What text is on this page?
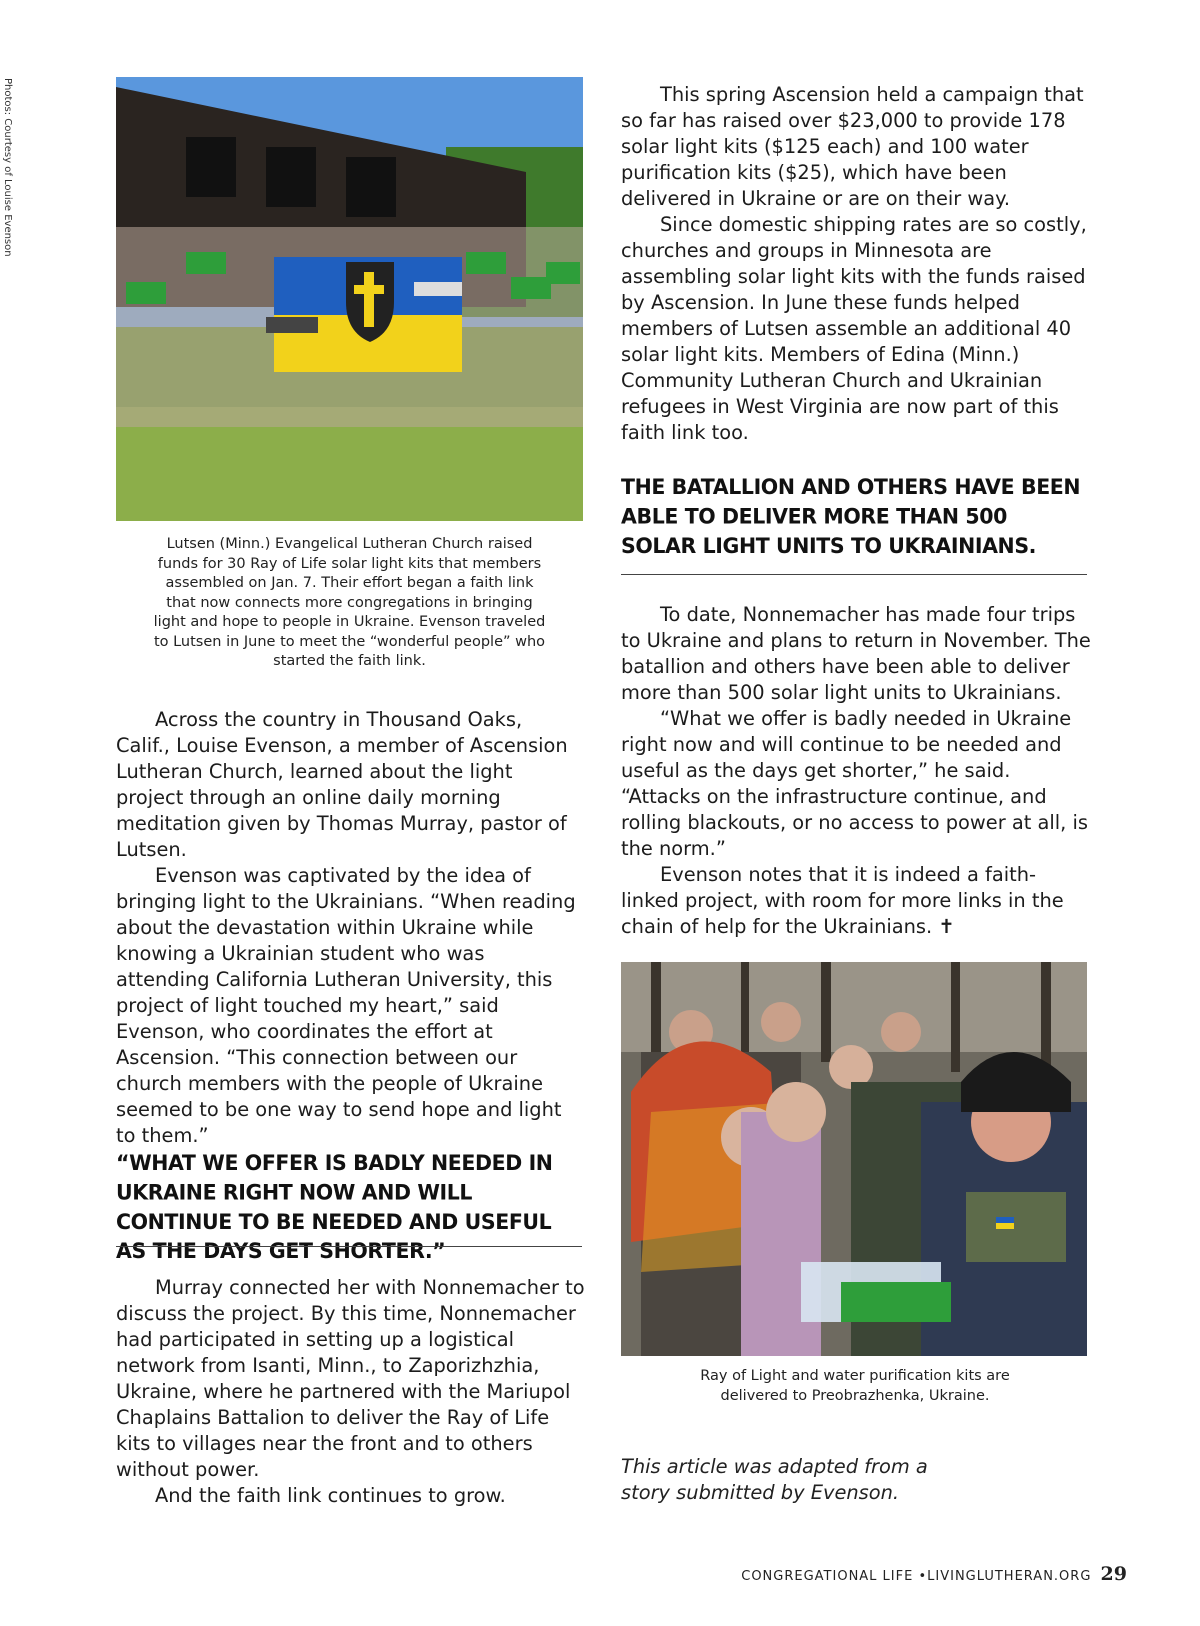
Photos: Courtesy of Louise Evenson
Lutsen (Minn.) Evangelical Lutheran Church raised funds for 30 Ray of Life solar light kits that members assembled on Jan. 7. Their effort began a faith link that now connects more congregations in bringing light and hope to people in Ukraine. Evenson traveled to Lutsen in June to meet the “wonderful people” who started the faith link.

Across the country in Thousand Oaks, Calif., Louise Evenson, a member of Ascension Lutheran Church, learned about the light project through an online daily morning meditation given by Thomas Murray, pastor of Lutsen.

Evenson was captivated by the idea of bringing light to the Ukrainians. “When reading about the devastation within Ukraine while knowing a Ukrainian student who was attending California Lutheran University, this project of light touched my heart,” said Evenson, who coordinates the effort at Ascension. “This connection between our church members with the people of Ukraine seemed to be one way to send hope and light to them.”

“WHAT WE OFFER IS BADLY NEEDED IN UKRAINE RIGHT NOW AND WILL CONTINUE TO BE NEEDED AND USEFUL AS THE DAYS GET SHORTER.”

Murray connected her with Nonnemacher to discuss the project. By this time, Nonnemacher had participated in setting up a logistical network from Isanti, Minn., to Zaporizhzhia, Ukraine, where he partnered with the Mariupol Chaplains Battalion to deliver the Ray of Life kits to villages near the front and to others without power.

And the faith link continues to grow.

This spring Ascension held a campaign that so far has raised over $23,000 to provide 178 solar light kits ($125 each) and 100 water purification kits ($25), which have been delivered in Ukraine or are on their way.

Since domestic shipping rates are so costly, churches and groups in Minnesota are assembling solar light kits with the funds raised by Ascension. In June these funds helped members of Lutsen assemble an additional 40 solar light kits. Members of Edina (Minn.) Community Lutheran Church and Ukrainian refugees in West Virginia are now part of this faith link too.

THE BATALLION AND OTHERS HAVE BEEN ABLE TO DELIVER MORE THAN 500 SOLAR LIGHT UNITS TO UKRAINIANS.

To date, Nonnemacher has made four trips to Ukraine and plans to return in November. The batallion and others have been able to deliver more than 500 solar light units to Ukrainians.

“What we offer is badly needed in Ukraine right now and will continue to be needed and useful as the days get shorter,” he said. “Attacks on the infrastructure continue, and rolling blackouts, or no access to power at all, is the norm.”

Evenson notes that it is indeed a faith-linked project, with room for more links in the chain of help for the Ukrainians. ✝

Ray of Light and water purification kits are delivered to Preobrazhenka, Ukraine.
This article was adapted from a story submitted by Evenson.
CONGREGATIONAL LIFE •LIVINGLUTHERAN.ORG 29
